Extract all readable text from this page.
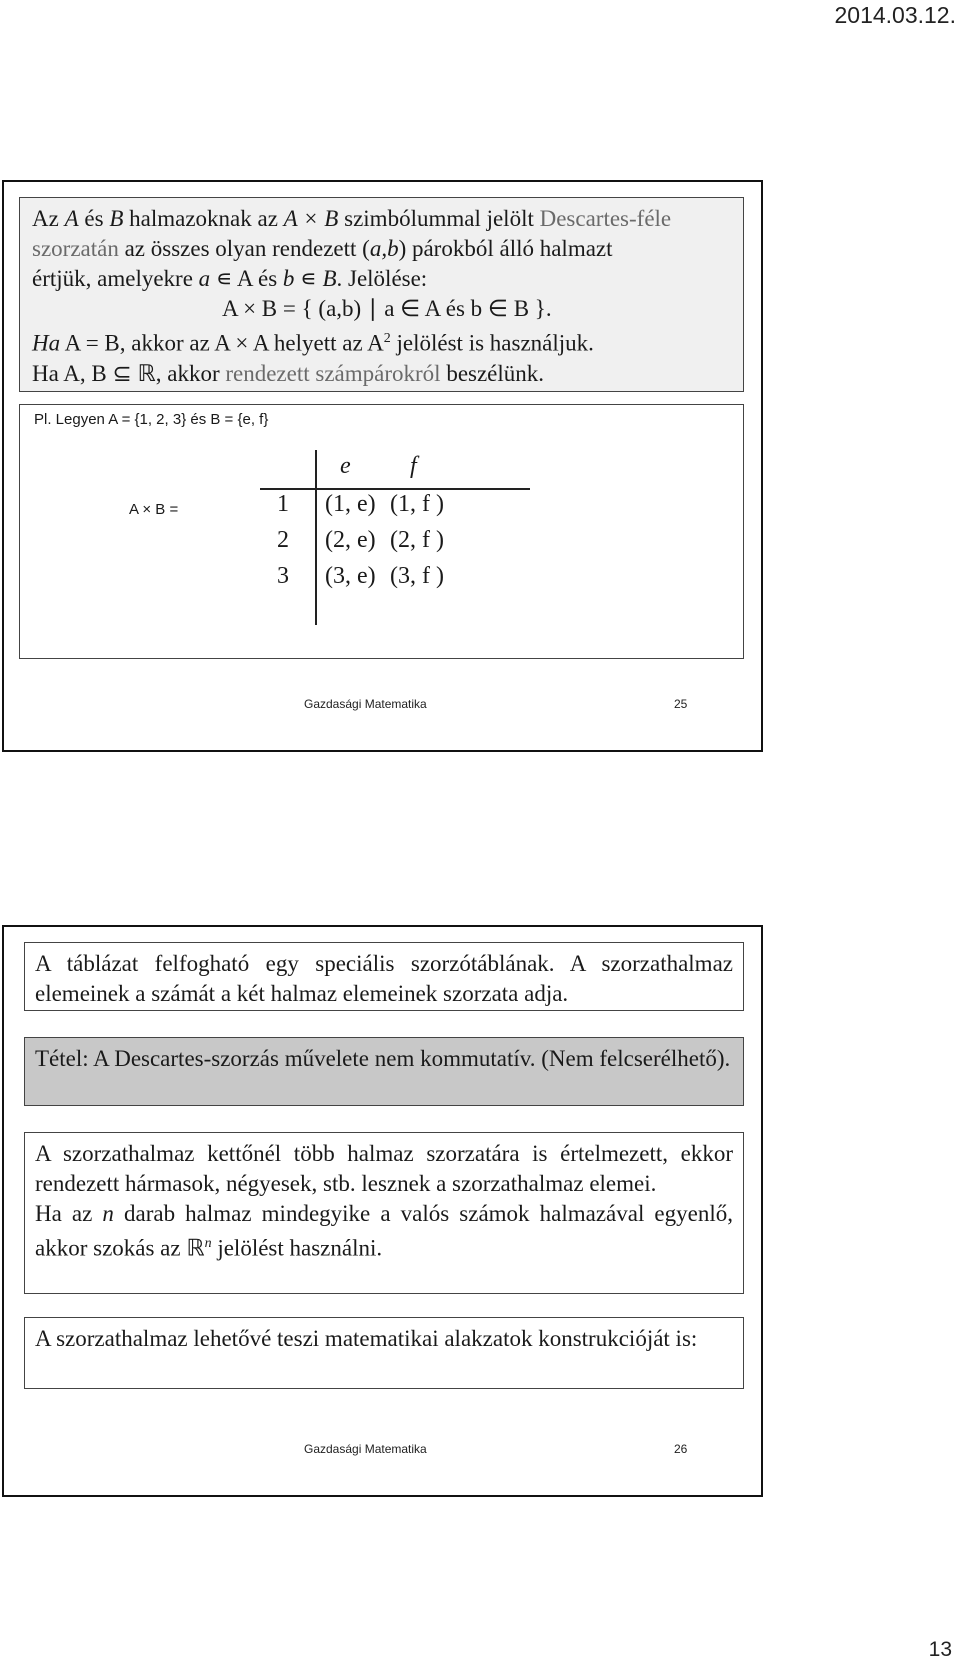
2014.03.12.
Az A és B halmazoknak az A × B szimbólummal jelölt Descartes-féle
szorzatán az összes olyan rendezett (a,b) párokból álló halmazt
értjük, amelyekre a ∊ A és b ∊ B. Jelölése:
A × B = { (a,b) ∣ a ∈ A és b ∈ B }.
Ha A = B, akkor az A × A helyett az $A^2$ jelölést is használjuk.
Ha A, B ⊆ ℝ, akkor rendezett számpárokról beszélünk.
Pl. Legyen A = {1, 2, 3} és B = {e, f}
A × B =
e f
1
2
3
(1, e) (1, f )
(2, e) (2, f )
(3, e) (3, f )
Gazdasági Matematika	25
A táblázat felfogható egy speciális szorzótáblának. A szorzathalmaz elemeinek a számát a két halmaz elemeinek szorzata adja.
Tétel: A Descartes-szorzás művelete nem kommutatív. (Nem felcserélhető).
A szorzathalmaz kettőnél több halmaz szorzatára is értelmezett, ekkor rendezett hármasok, négyesek, stb. lesznek a szorzathalmaz elemei.
Ha az n darab halmaz mindegyike a valós számok halmazával egyenlő, akkor szokás az ℝ$^n$ jelölést használni.
A szorzathalmaz lehetővé teszi matematikai alakzatok konstrukcióját is:
Gazdasági Matematika	26
13
